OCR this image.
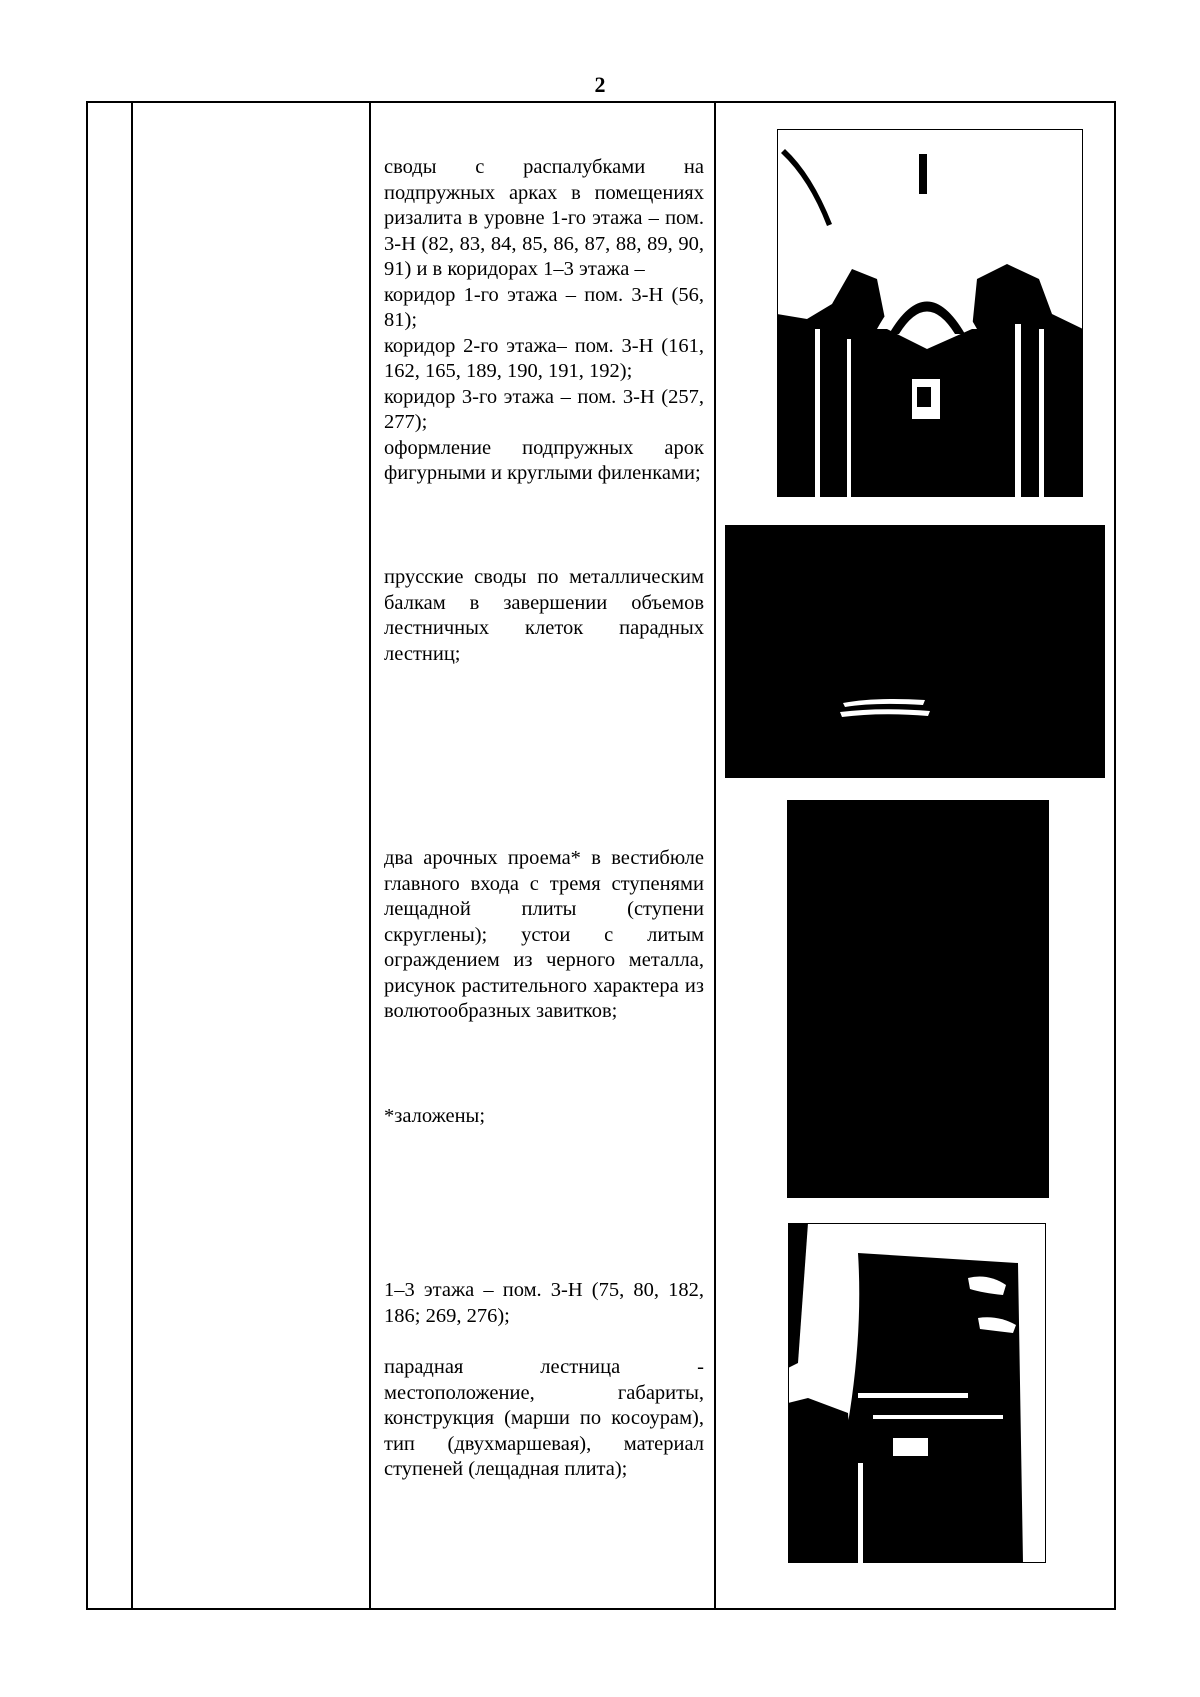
2
своды с распалубками на подпружных арках в помещениях ризалита в уровне 1-го этажа – пом. 3-Н (82, 83, 84, 85, 86, 87, 88, 89, 90, 91) и в коридорах 1–3 этажа –
коридор 1-го этажа – пом. 3-Н (56, 81);
коридор 2-го этажа– пом. 3-Н (161, 162, 165, 189, 190, 191, 192);
коридор 3-го этажа – пом. 3-Н (257, 277);
оформление подпружных арок фигурными и круглыми филенками;
прусские своды по металлическим балкам в завершении объемов лестничных клеток парадных лестниц;
два арочных проема* в вестибюле главного входа с тремя ступенями лещадной плиты (ступени скруглены); устои с литым ограждением из черного металла, рисунок растительного характера из волютообразных завитков;
*заложены;
1–3 этажа – пом. 3-Н (75, 80, 182, 186; 269, 276);
парадная лестница - местоположение, габариты, конструкция (марши по косоурам), тип (двухмаршевая), материал ступеней (лещадная плита);
